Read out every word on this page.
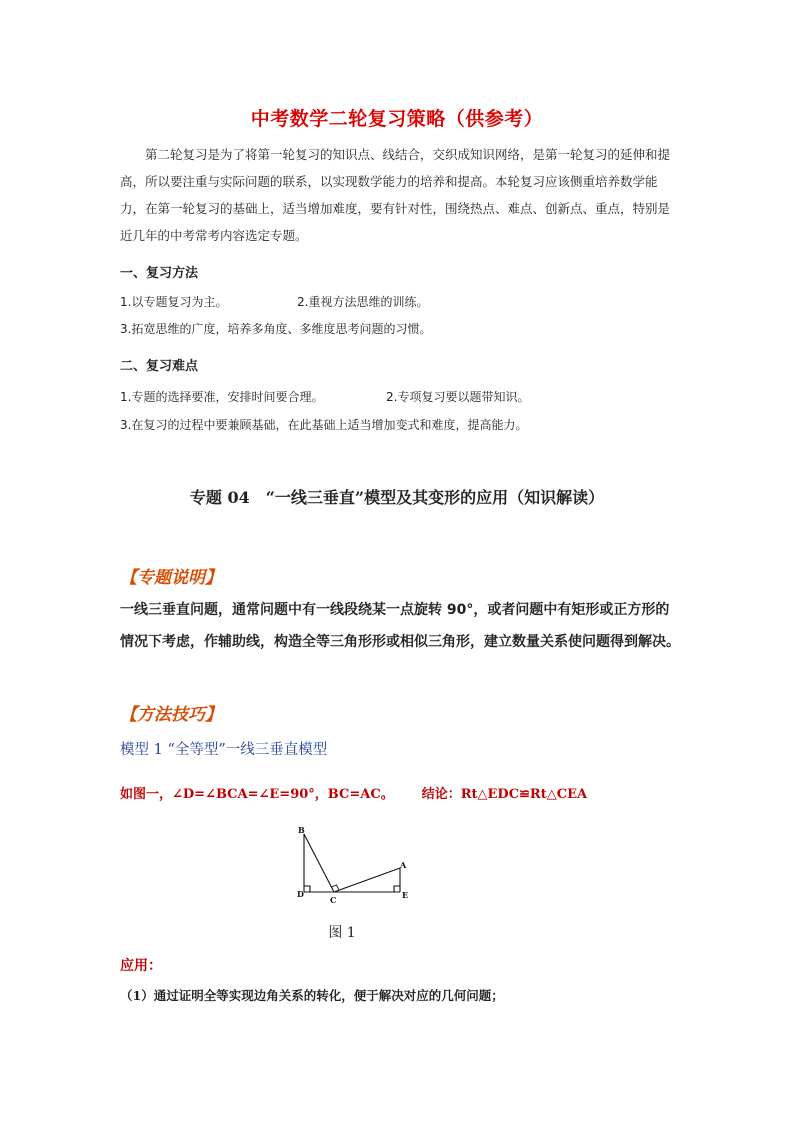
中考数学二轮复习策略（供参考）

第二轮复习是为了将第一轮复习的知识点、线结合，交织成知识网络，是第一轮复习的延伸和提高，所以要注重与实际问题的联系，以实现数学能力的培养和提高。本轮复习应该侧重培养数学能力，在第一轮复习的基础上，适当增加难度，要有针对性，围绕热点、难点、创新点、重点，特别是近几年的中考常考内容选定专题。

一、复习方法
1.以专题复习为主。	2.重视方法思维的训练。
3.拓宽思维的广度，培养多角度、多维度思考问题的习惯。
二、复习难点
1.专题的选择要准，安排时间要合理。	2.专项复习要以题带知识。
3.在复习的过程中要兼顾基础，在此基础上适当增加变式和难度，提高能力。
专题 04　“一线三垂直”模型及其变形的应用（知识解读）
【专题说明】

一线三垂直问题，通常问题中有一线段绕某一点旋转 90°，或者问题中有矩形或正方形的情况下考虑，作辅助线，构造全等三角形形或相似三角形，建立数量关系使问题得到解决。

【方法技巧】
模型 1 “全等型”一线三垂直模型
如图一，∠D=∠BCA=∠E=90°，BC=AC。 结论：Rt△EDC≌Rt△CEA
B
D
C
A
E
图 1
应用：
（1）通过证明全等实现边角关系的转化，便于解决对应的几何问题；
